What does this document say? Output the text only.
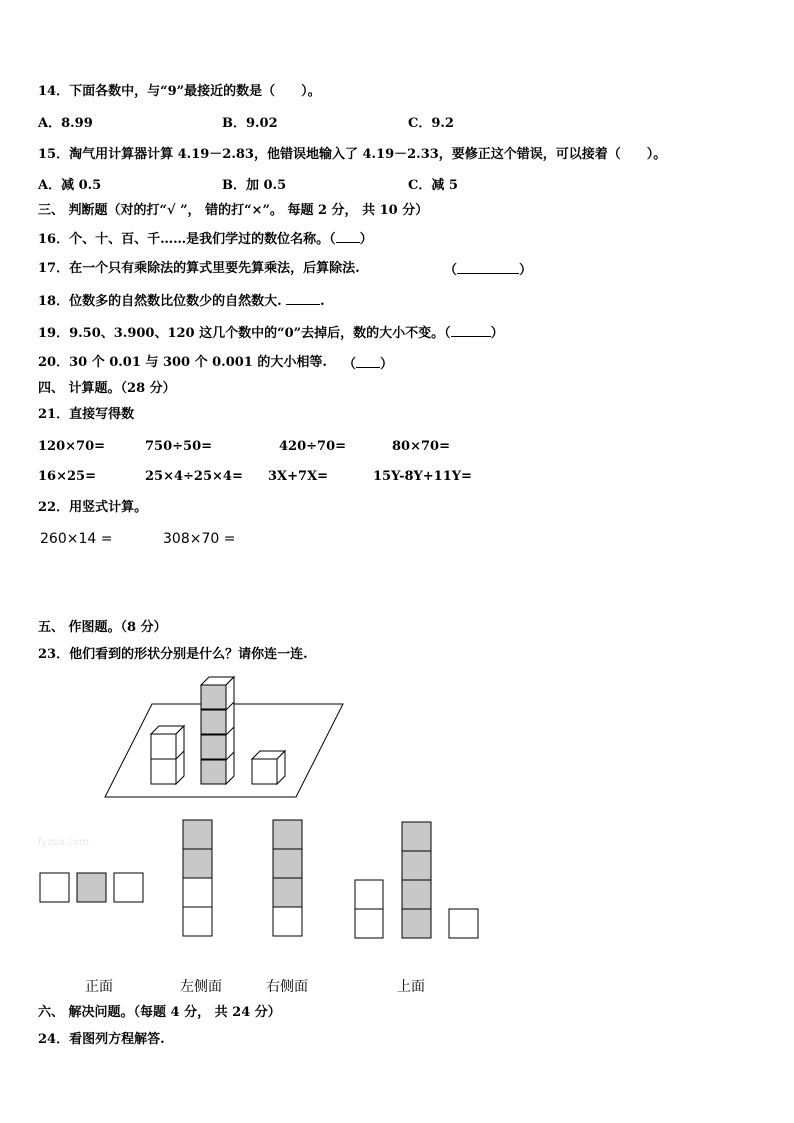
14．下面各数中，与“9”最接近的数是（　　）。
A．8.99	B．9.02	C．9.2
15．淘气用计算器计算 4.19－2.83，他错误地输入了 4.19－2.33，要修正这个错误，可以接着（　　）。
A．减 0.5	B．加 0.5	C．减 5
三、 判断题（对的打“√ ”， 错的打“×”。 每题 2 分， 共 10 分）
16．个、十、百、千……是我们学过的数位名称。（ ）
17．在一个只有乘除法的算式里要先算乘法，后算除法.	（	）
18．位数多的自然数比位数少的自然数大.	.
19．9.50、3.900、120 这几个数中的“0”去掉后，数的大小不变。（	）
20．30 个 0.01 与 300 个 0.001 的大小相等. （ ）
四、 计算题。（28 分）
21．直接写得数
120×70=	750÷50=	420÷70=	80×70=
16×25=	25×4÷25×4= 3X+7X=	15Y-8Y+11Y=
22．用竖式计算。
260×14 =	308×70 =
五、 作图题。（8 分）
23．他们看到的形状分别是什么？请你连一连.
fyzoo.com
正面	左侧面	右侧面	上面
六、 解决问题。（每题 4 分， 共 24 分）
24．看图列方程解答.
